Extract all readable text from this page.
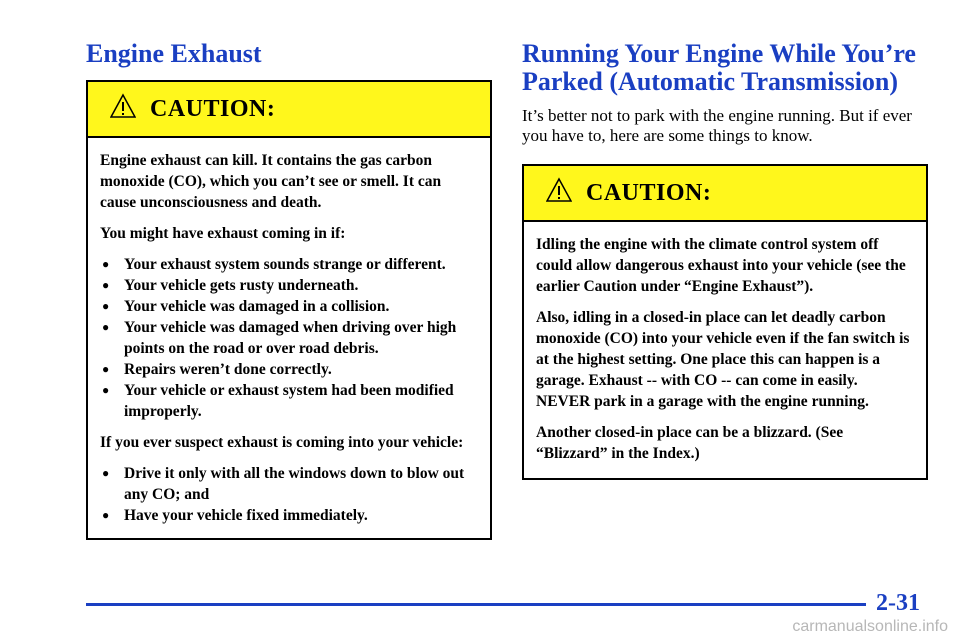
Engine Exhaust
CAUTION:

Engine exhaust can kill. It contains the gas carbon monoxide (CO), which you can’t see or smell. It can cause unconsciousness and death.

You might have exhaust coming in if:

● Your exhaust system sounds strange or different.
● Your vehicle gets rusty underneath.
● Your vehicle was damaged in a collision.
● Your vehicle was damaged when driving over high points on the road or over road debris.
● Repairs weren’t done correctly.
● Your vehicle or exhaust system had been modified improperly.

If you ever suspect exhaust is coming into your vehicle:

● Drive it only with all the windows down to blow out any CO; and
● Have your vehicle fixed immediately.
Running Your Engine While You’re Parked (Automatic Transmission)

It’s better not to park with the engine running. But if ever you have to, here are some things to know.

CAUTION:

Idling the engine with the climate control system off could allow dangerous exhaust into your vehicle (see the earlier Caution under “Engine Exhaust”).

Also, idling in a closed-in place can let deadly carbon monoxide (CO) into your vehicle even if the fan switch is at the highest setting. One place this can happen is a garage. Exhaust -- with CO -- can come in easily. NEVER park in a garage with the engine running.

Another closed-in place can be a blizzard. (See “Blizzard” in the Index.)

2-31
carmanualsonline.info
